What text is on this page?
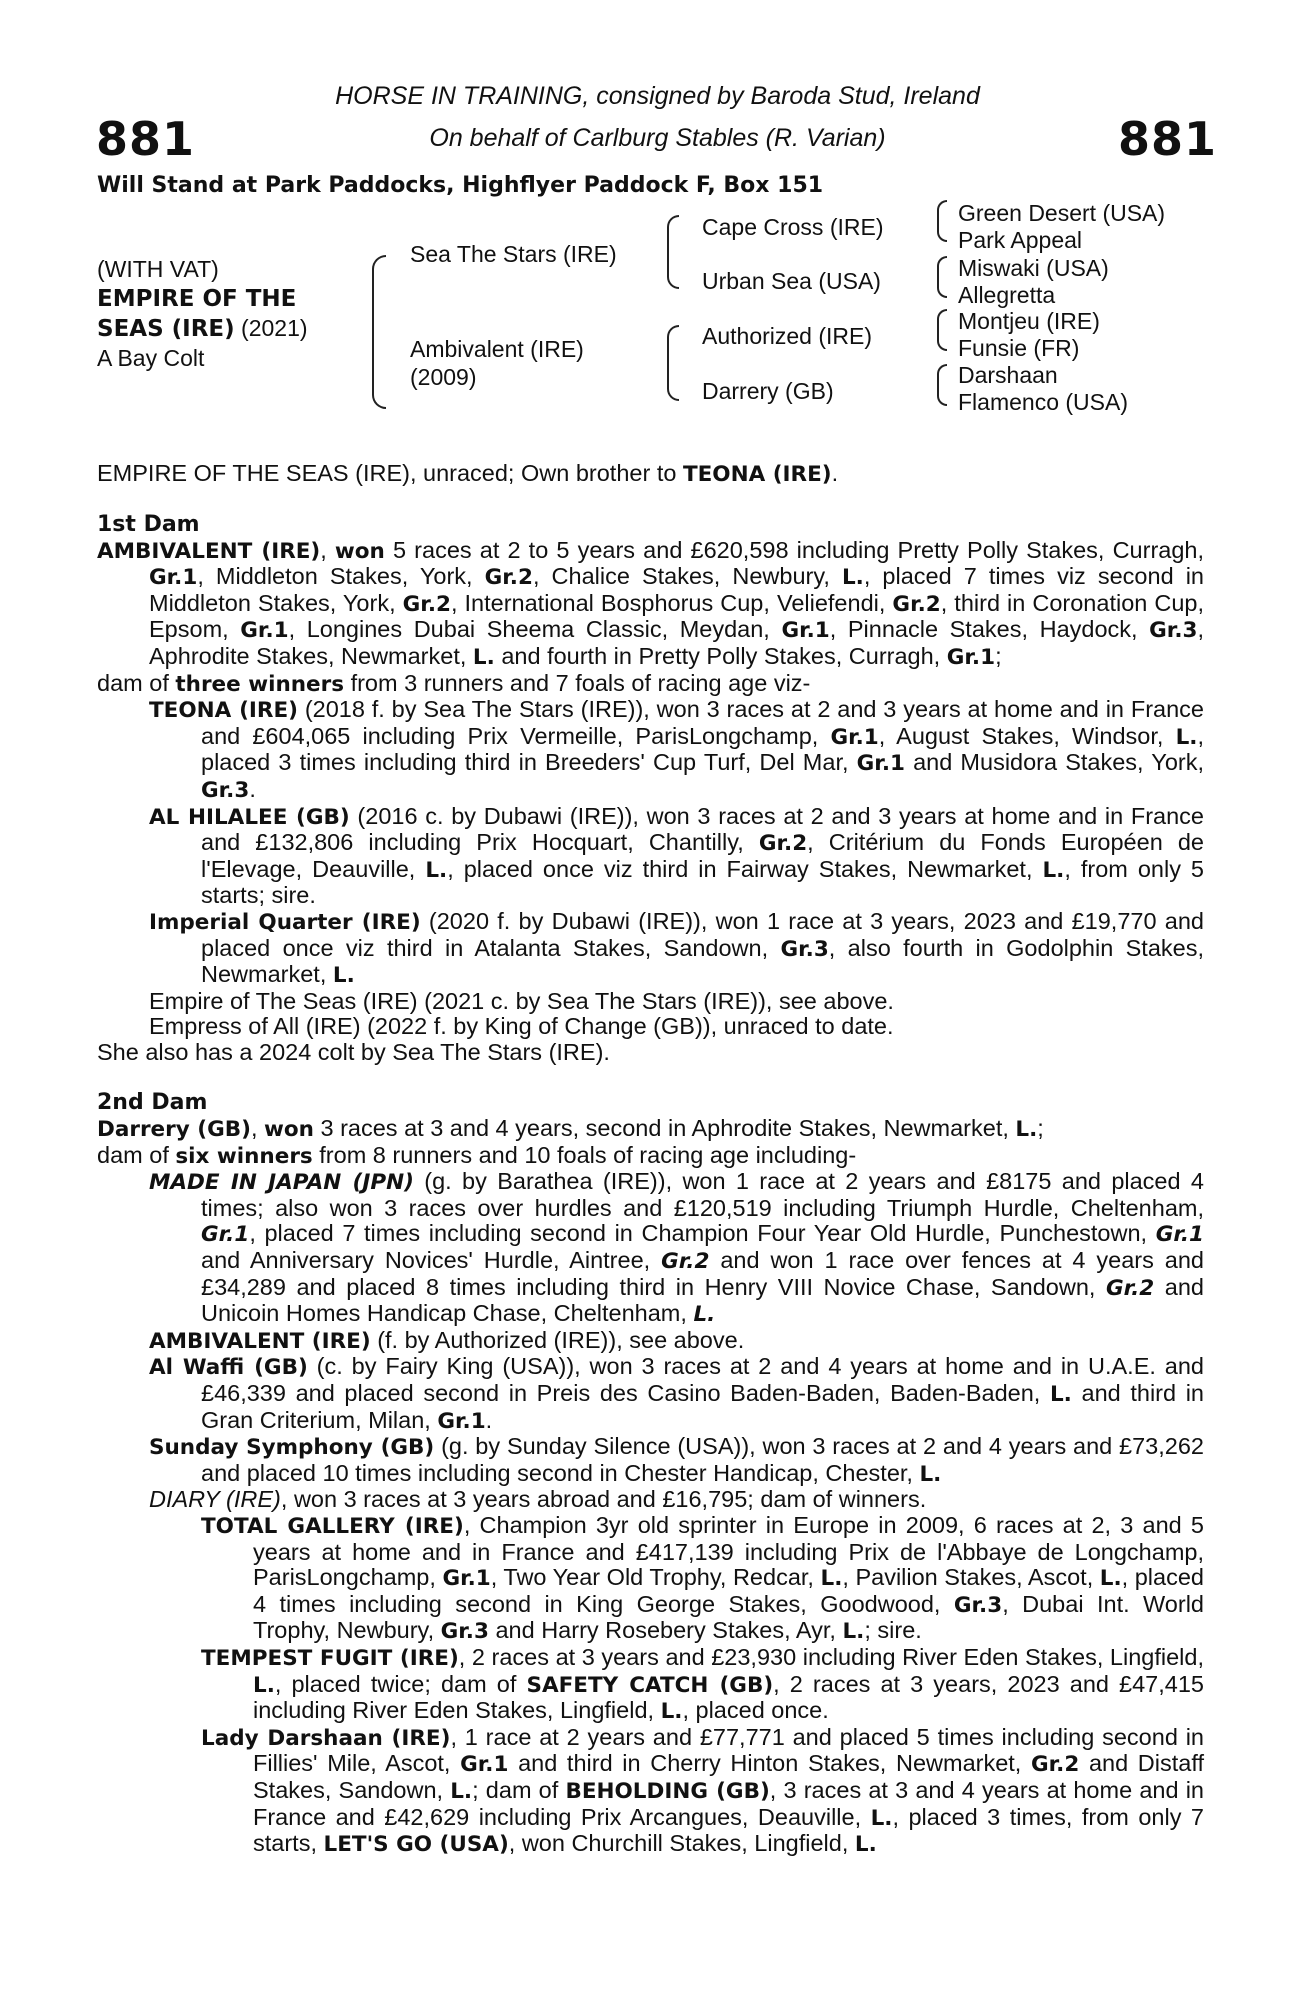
881	881
HORSE IN TRAINING, consigned by Baroda Stud, Ireland
On behalf of Carlburg Stables (R. Varian)
Will Stand at Park Paddocks, Highflyer Paddock F, Box 151
(WITH VAT)
EMPIRE OF THE
SEAS (IRE) (2021)
A Bay Colt
Sea The Stars (IRE)
Ambivalent (IRE)
(2009)
Cape Cross (IRE)
Urban Sea (USA)
Authorized (IRE)
Darrery (GB)
Green Desert (USA)
Park Appeal
Miswaki (USA)
Allegretta
Montjeu (IRE)
Funsie (FR)
Darshaan
Flamenco (USA)
EMPIRE OF THE SEAS (IRE), unraced; Own brother to TEONA (IRE).

1st Dam

AMBIVALENT (IRE), won 5 races at 2 to 5 years and £620,598 including Pretty Polly Stakes, Curragh, Gr.1, Middleton Stakes, York, Gr.2, Chalice Stakes, Newbury, L., placed 7 times viz second in Middleton Stakes, York, Gr.2, International Bosphorus Cup, Veliefendi, Gr.2, third in Coronation Cup, Epsom, Gr.1, Longines Dubai Sheema Classic, Meydan, Gr.1, Pinnacle Stakes, Haydock, Gr.3, Aphrodite Stakes, Newmarket, L. and fourth in Pretty Polly Stakes, Curragh, Gr.1;

dam of three winners from 3 runners and 7 foals of racing age viz-

TEONA (IRE) (2018 f. by Sea The Stars (IRE)), won 3 races at 2 and 3 years at home and in France and £604,065 including Prix Vermeille, ParisLongchamp, Gr.1, August Stakes, Windsor, L., placed 3 times including third in Breeders' Cup Turf, Del Mar, Gr.1 and Musidora Stakes, York, Gr.3.

AL HILALEE (GB) (2016 c. by Dubawi (IRE)), won 3 races at 2 and 3 years at home and in France and £132,806 including Prix Hocquart, Chantilly, Gr.2, Critérium du Fonds Européen de l'Elevage, Deauville, L., placed once viz third in Fairway Stakes, Newmarket, L., from only 5 starts; sire.

Imperial Quarter (IRE) (2020 f. by Dubawi (IRE)), won 1 race at 3 years, 2023 and £19,770 and placed once viz third in Atalanta Stakes, Sandown, Gr.3, also fourth in Godolphin Stakes, Newmarket, L.

Empire of The Seas (IRE) (2021 c. by Sea The Stars (IRE)), see above.

Empress of All (IRE) (2022 f. by King of Change (GB)), unraced to date.

She also has a 2024 colt by Sea The Stars (IRE).

2nd Dam

Darrery (GB), won 3 races at 3 and 4 years, second in Aphrodite Stakes, Newmarket, L.;

dam of six winners from 8 runners and 10 foals of racing age including-

MADE IN JAPAN (JPN) (g. by Barathea (IRE)), won 1 race at 2 years and £8175 and placed 4 times; also won 3 races over hurdles and £120,519 including Triumph Hurdle, Cheltenham, Gr.1, placed 7 times including second in Champion Four Year Old Hurdle, Punchestown, Gr.1 and Anniversary Novices' Hurdle, Aintree, Gr.2 and won 1 race over fences at 4 years and £34,289 and placed 8 times including third in Henry VIII Novice Chase, Sandown, Gr.2 and Unicoin Homes Handicap Chase, Cheltenham, L.

AMBIVALENT (IRE) (f. by Authorized (IRE)), see above.

Al Waffi (GB) (c. by Fairy King (USA)), won 3 races at 2 and 4 years at home and in U.A.E. and £46,339 and placed second in Preis des Casino Baden-Baden, Baden-Baden, L. and third in Gran Criterium, Milan, Gr.1.

Sunday Symphony (GB) (g. by Sunday Silence (USA)), won 3 races at 2 and 4 years and £73,262 and placed 10 times including second in Chester Handicap, Chester, L.

DIARY (IRE), won 3 races at 3 years abroad and £16,795; dam of winners.

TOTAL GALLERY (IRE), Champion 3yr old sprinter in Europe in 2009, 6 races at 2, 3 and 5 years at home and in France and £417,139 including Prix de l'Abbaye de Longchamp, ParisLongchamp, Gr.1, Two Year Old Trophy, Redcar, L., Pavilion Stakes, Ascot, L., placed 4 times including second in King George Stakes, Goodwood, Gr.3, Dubai Int. World Trophy, Newbury, Gr.3 and Harry Rosebery Stakes, Ayr, L.; sire.

TEMPEST FUGIT (IRE), 2 races at 3 years and £23,930 including River Eden Stakes, Lingfield, L., placed twice; dam of SAFETY CATCH (GB), 2 races at 3 years, 2023 and £47,415 including River Eden Stakes, Lingfield, L., placed once.

Lady Darshaan (IRE), 1 race at 2 years and £77,771 and placed 5 times including second in Fillies' Mile, Ascot, Gr.1 and third in Cherry Hinton Stakes, Newmarket, Gr.2 and Distaff Stakes, Sandown, L.; dam of BEHOLDING (GB), 3 races at 3 and 4 years at home and in France and £42,629 including Prix Arcangues, Deauville, L., placed 3 times, from only 7 starts, LET'S GO (USA), won Churchill Stakes, Lingfield, L.
